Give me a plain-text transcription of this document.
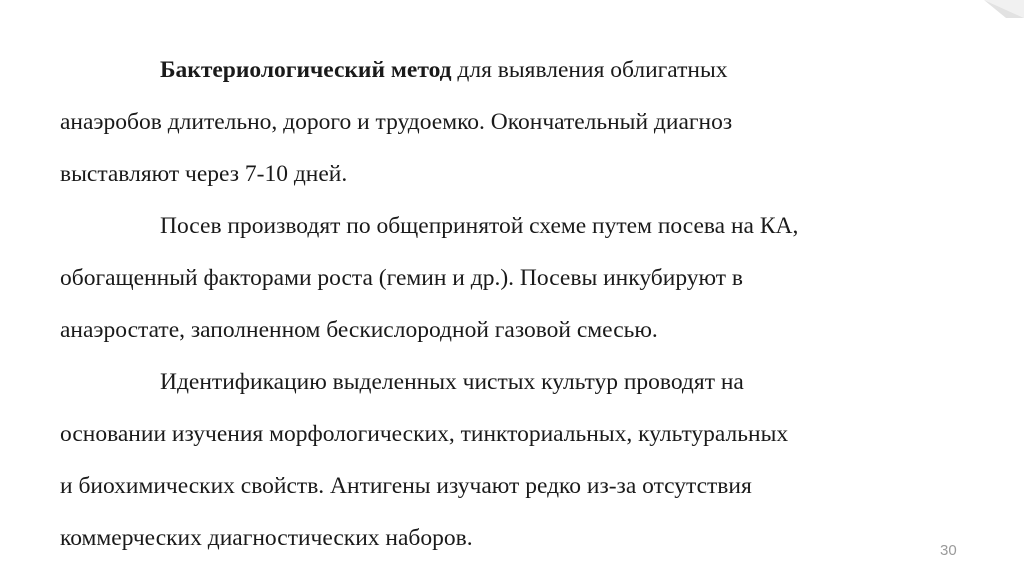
Бактериологический метод для выявления облигатных
анаэробов длительно, дорого и трудоемко. Окончательный диагноз
выставляют через 7-10 дней.
Посев производят по общепринятой схеме путем посева на КА,
обогащенный факторами роста (гемин и др.). Посевы инкубируют в
анаэростате, заполненном бескислородной газовой смесью.
Идентификацию выделенных чистых культур проводят на
основании изучения морфологических, тинкториальных, культуральных
и биохимических свойств. Антигены изучают редко из-за отсутствия
коммерческих диагностических наборов.	30
